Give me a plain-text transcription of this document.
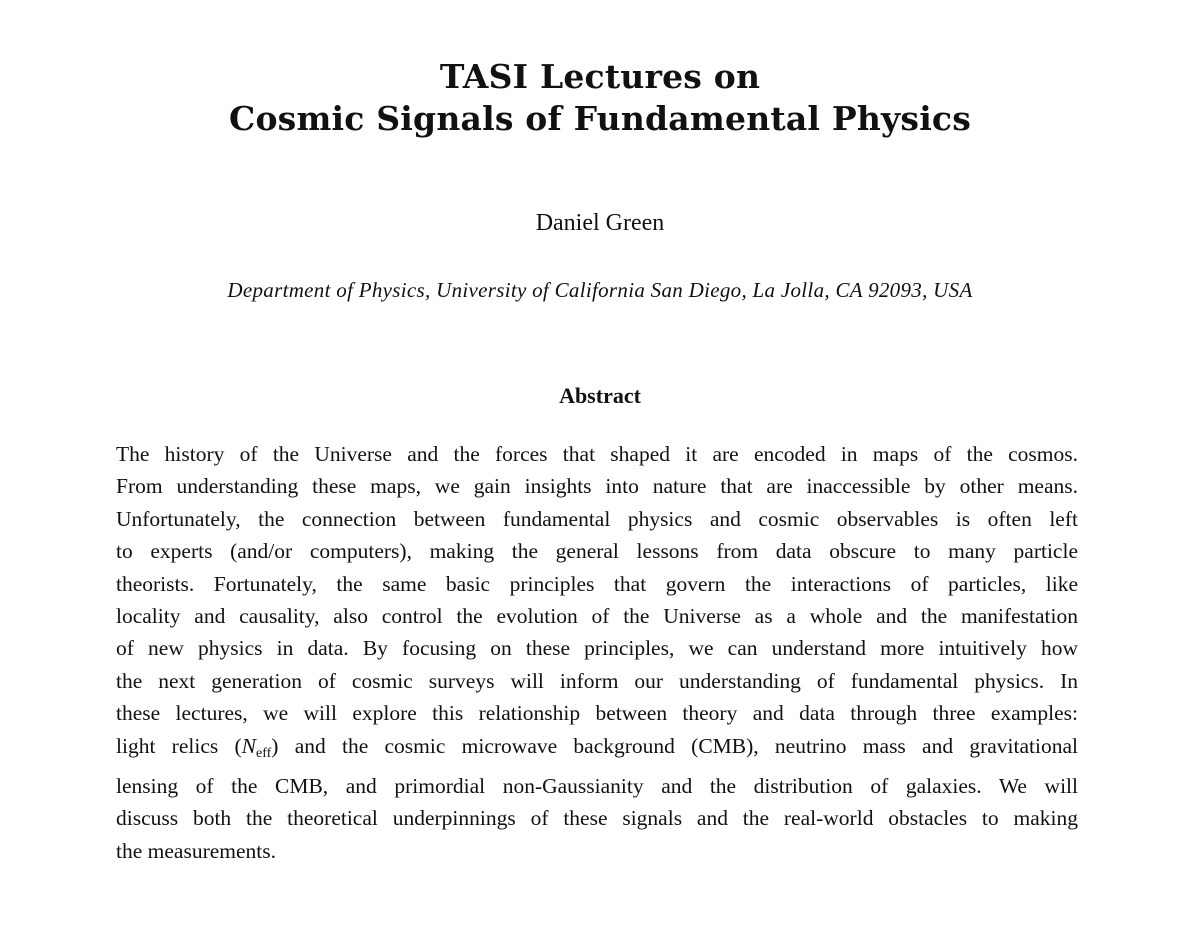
TASI Lectures on

Cosmic Signals of Fundamental Physics

Daniel Green

Department of Physics, University of California San Diego, La Jolla, CA 92093, USA

Abstract

The history of the Universe and the forces that shaped it are encoded in maps of the cosmos.
From understanding these maps, we gain insights into nature that are inaccessible by other means.
Unfortunately, the connection between fundamental physics and cosmic observables is often left
to experts (and/or computers), making the general lessons from data obscure to many particle
theorists. Fortunately, the same basic principles that govern the interactions of particles, like
locality and causality, also control the evolution of the Universe as a whole and the manifestation
of new physics in data. By focusing on these principles, we can understand more intuitively how
the next generation of cosmic surveys will inform our understanding of fundamental physics. In
these lectures, we will explore this relationship between theory and data through three examples:
light relics (Neff) and the cosmic microwave background (CMB), neutrino mass and gravitational
lensing of the CMB, and primordial non-Gaussianity and the distribution of galaxies. We will
discuss both the theoretical underpinnings of these signals and the real-world obstacles to making
the measurements.
